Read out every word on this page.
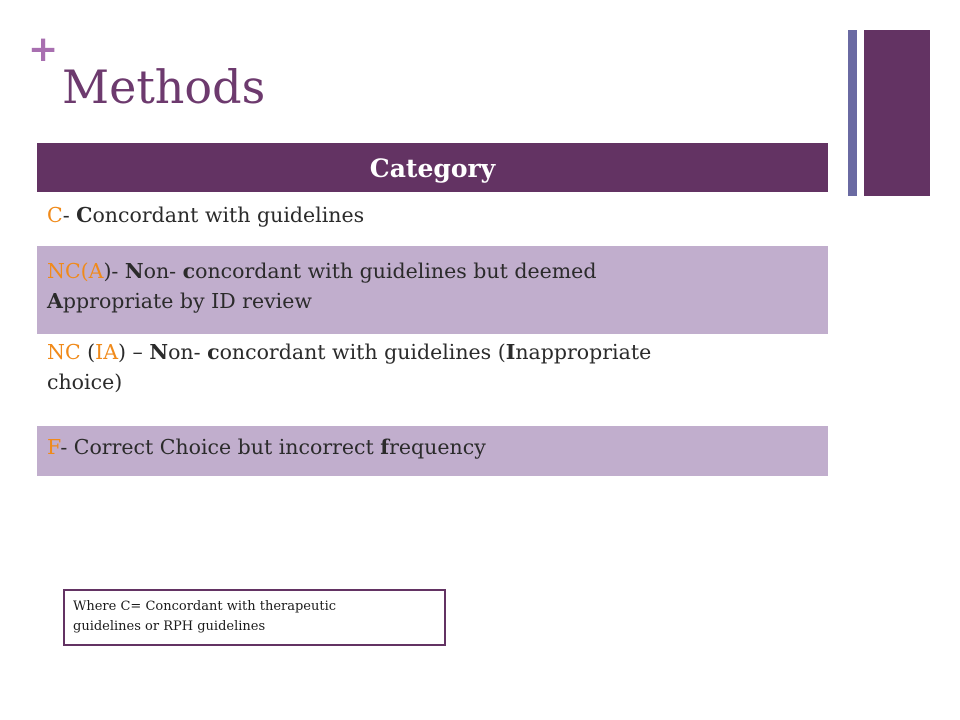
+
Methods
Category
C- Concordant with guidelines
NC(A)- Non- concordant with guidelines but deemed
Appropriate by ID review
NC (IA) – Non- concordant with guidelines (Inappropriate
choice)
F- Correct Choice but incorrect frequency
Where C= Concordant with therapeutic
guidelines or RPH guidelines
